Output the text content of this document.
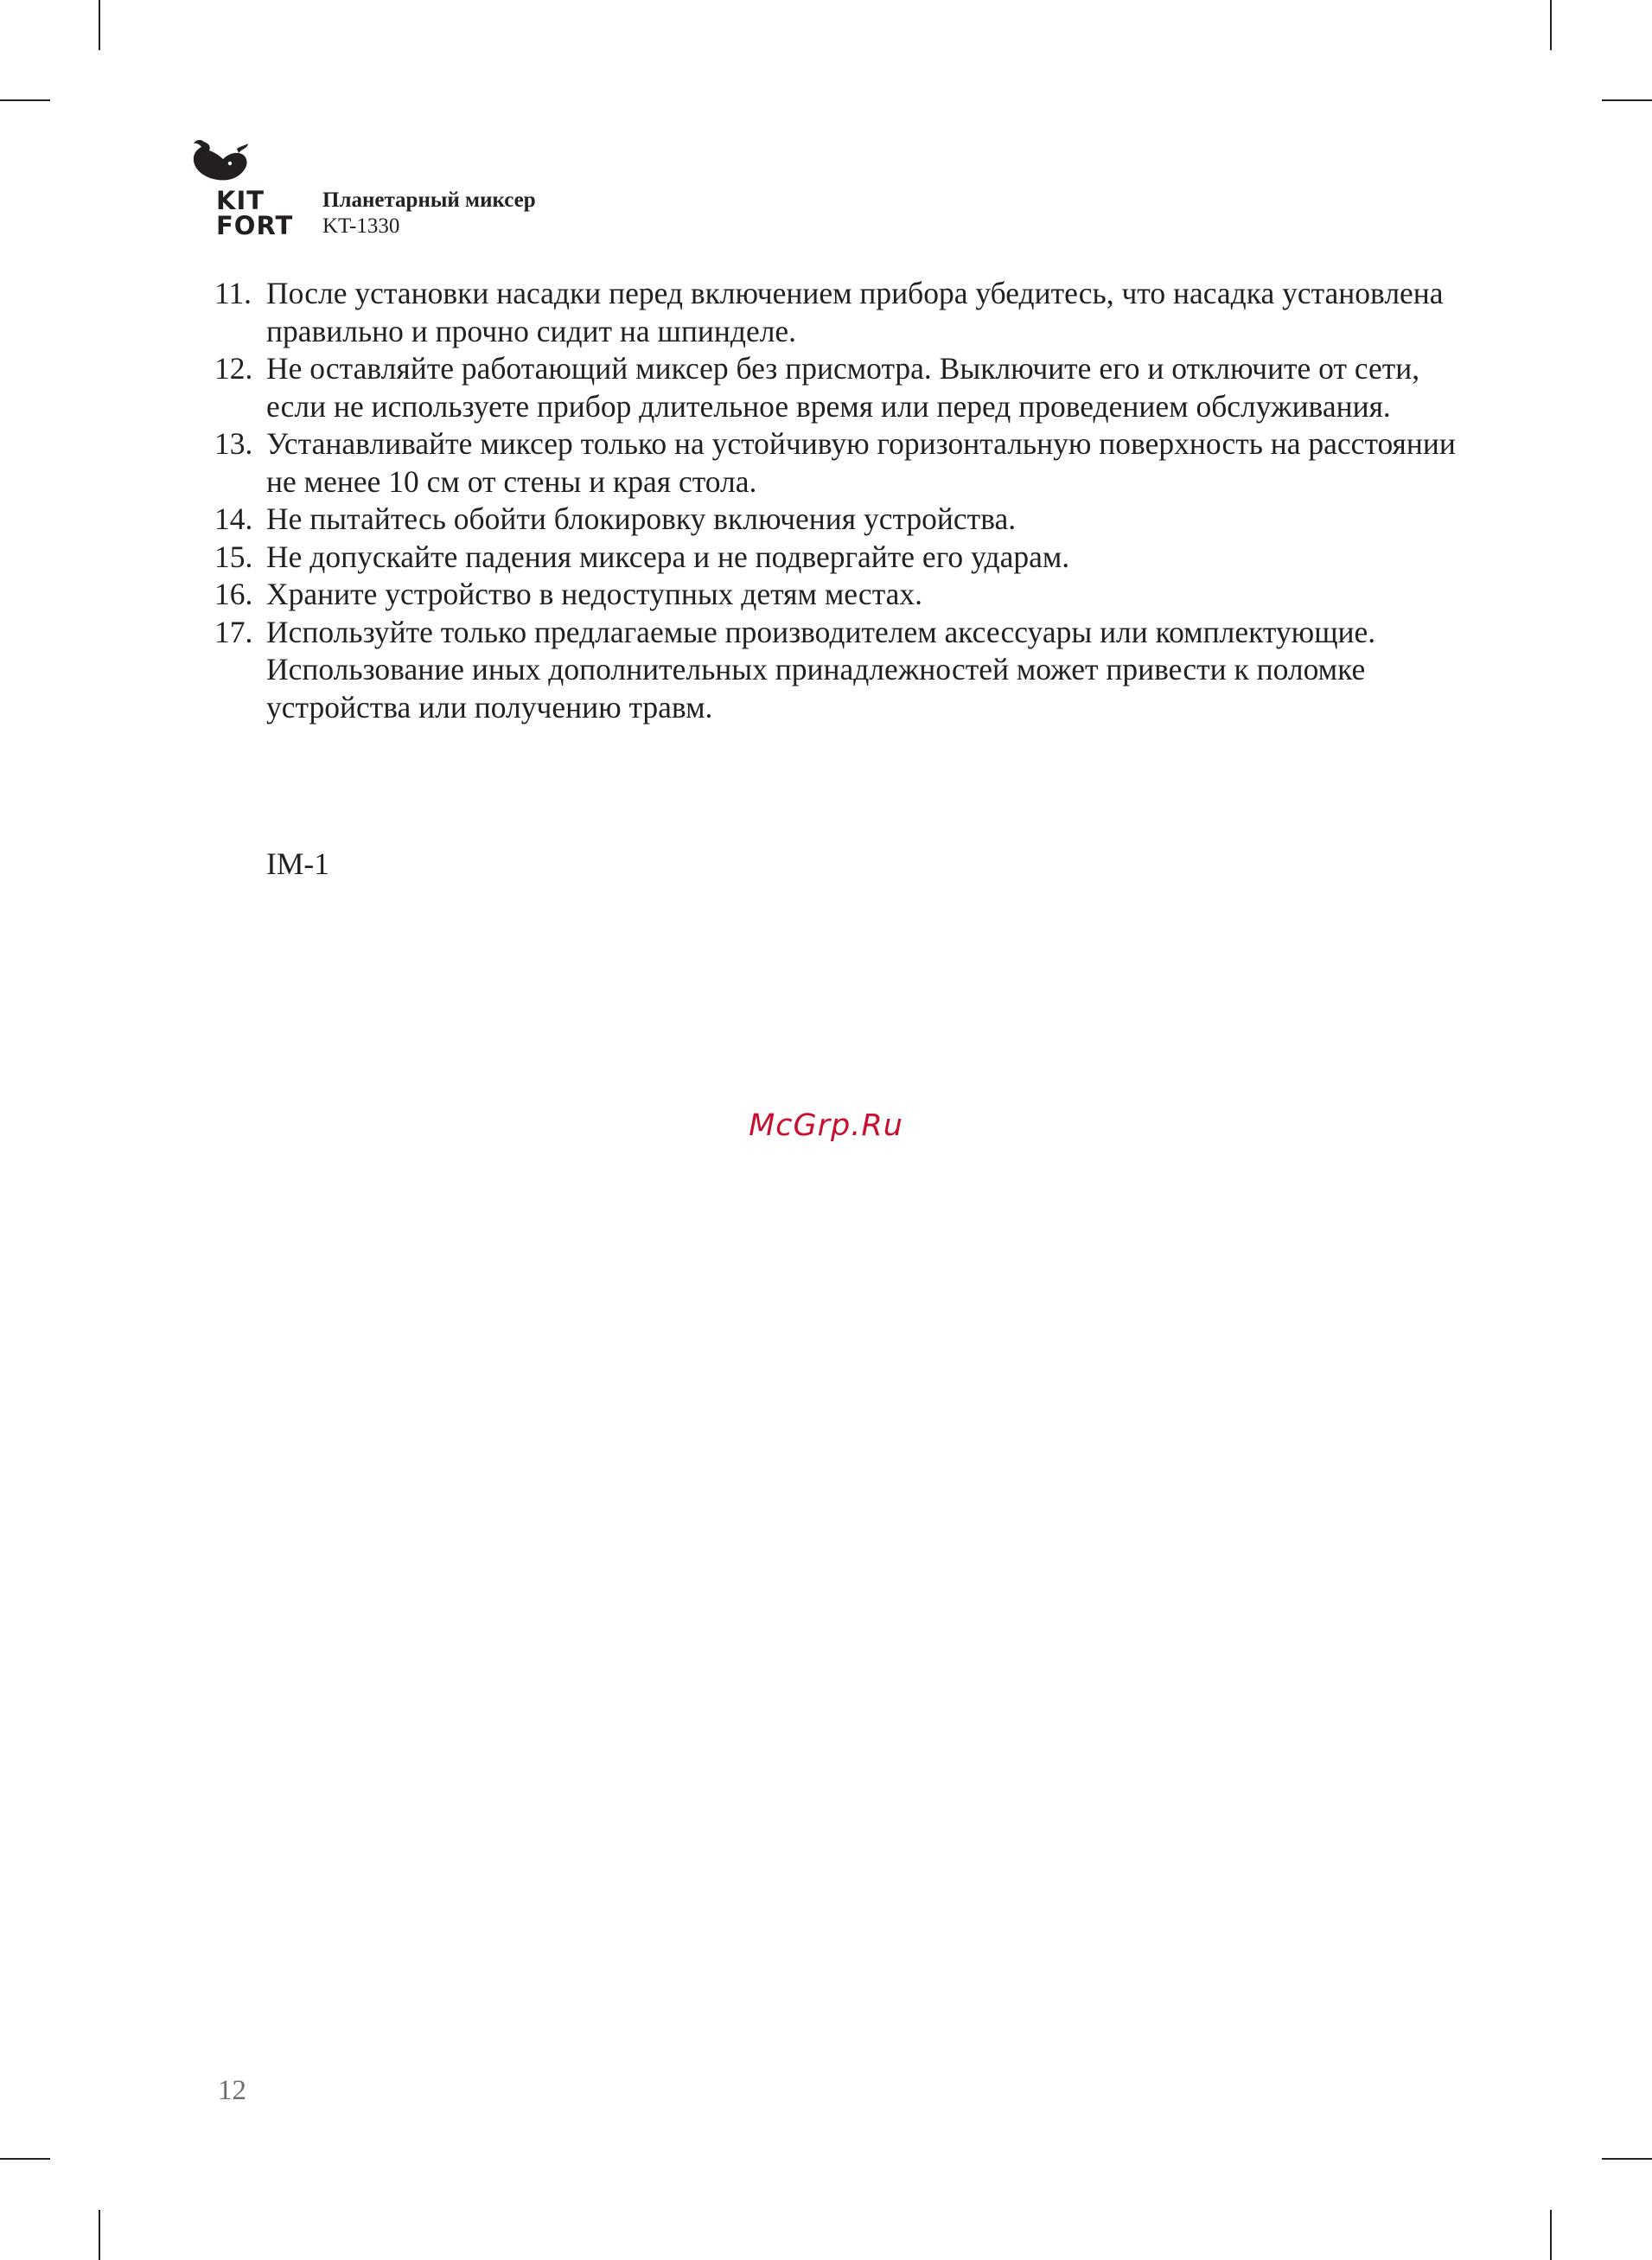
KIT
FORT
Планетарный миксер
KT-1330
11. После установки насадки перед включением прибора убедитесь, что насадка установлена правильно и прочно сидит на шпинделе.
12. Не оставляйте работающий миксер без присмотра. Выключите его и отключите от сети, если не используете прибор длительное время или перед проведением обслуживания.
13. Устанавливайте миксер только на устойчивую горизонтальную поверхность на расстоянии не менее 10 см от стены и края стола.
14. Не пытайтесь обойти блокировку включения устройства.
15. Не допускайте падения миксера и не подвергайте его ударам.
16. Храните устройство в недоступных детям местах.
17. Используйте только предлагаемые производителем аксессуары или комплектующие. Использование иных дополнительных принадлежностей может привести к поломке устройства или получению травм.
IM-1
McGrp.Ru
12
